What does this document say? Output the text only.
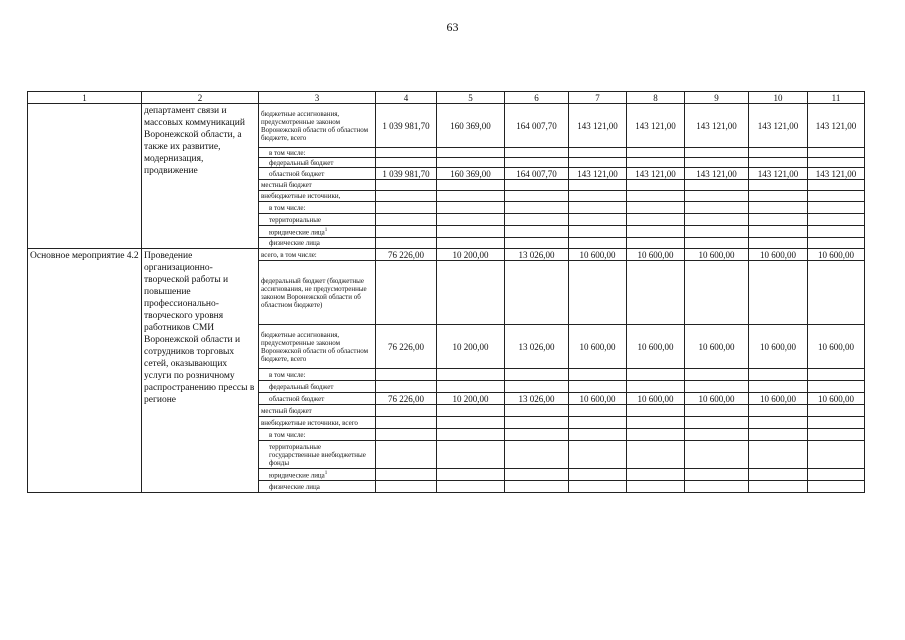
63
1	2	3	4	5	6	7	8	9	10	11
	департамент связи и массовых коммуникаций Воронежской области, а также их развитие, модернизация, продвижение	бюджетные ассигнования, предусмотренные законом Воронежской области об областном бюджете, всего	1 039 981,70	160 369,00	164 007,70	143 121,00	143 121,00	143 121,00	143 121,00	143 121,00
		в том числе:								
		федеральный бюджет								
		областной бюджет	1 039 981,70	160 369,00	164 007,70	143 121,00	143 121,00	143 121,00	143 121,00	143 121,00
		местный бюджет								
		внебюджетные источники,								
		в том числе:								
		территориальные								
		юридические лица$^1$								
		физические лица								
Основное мероприятие 4.2	Проведение организационно-творческой работы и повышение профессионально-творческого уровня работников СМИ Воронежской области и сотрудников торговых сетей, оказывающих услуги по розничному распространению прессы в регионе	всего, в том числе:	76 226,00	10 200,00	13 026,00	10 600,00	10 600,00	10 600,00	10 600,00	10 600,00
		федеральный бюджет (бюджетные ассигнования, не предусмотренные законом Воронежской области об областном бюджете)								
		бюджетные ассигнования, предусмотренные законом Воронежской области об областном бюджете, всего	76 226,00	10 200,00	13 026,00	10 600,00	10 600,00	10 600,00	10 600,00	10 600,00
		в том числе:								
		федеральный бюджет								
		областной бюджет	76 226,00	10 200,00	13 026,00	10 600,00	10 600,00	10 600,00	10 600,00	10 600,00
		местный бюджет								
		внебюджетные источники, всего								
		в том числе:								
		территориальные государственные внебюджетные фонды								
		юридические лица$^1$								
		физические лица								
